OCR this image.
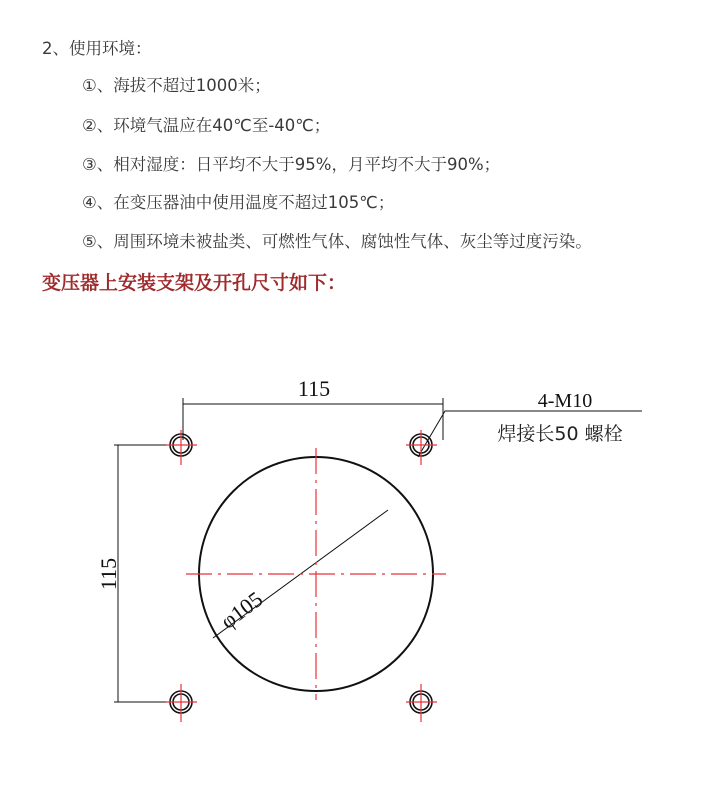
2、使用环境：
①、海拔不超过1000米；
②、环境气温应在40℃至-40℃；
③、相对湿度：日平均不大于95%，月平均不大于90%；
④、在变压器油中使用温度不超过105℃；
⑤、周围环境未被盐类、可燃性气体、腐蚀性气体、灰尘等过度污染。
变压器上安装支架及开孔尺寸如下：
115
115
φ105
4-M10
焊接长50 螺栓
